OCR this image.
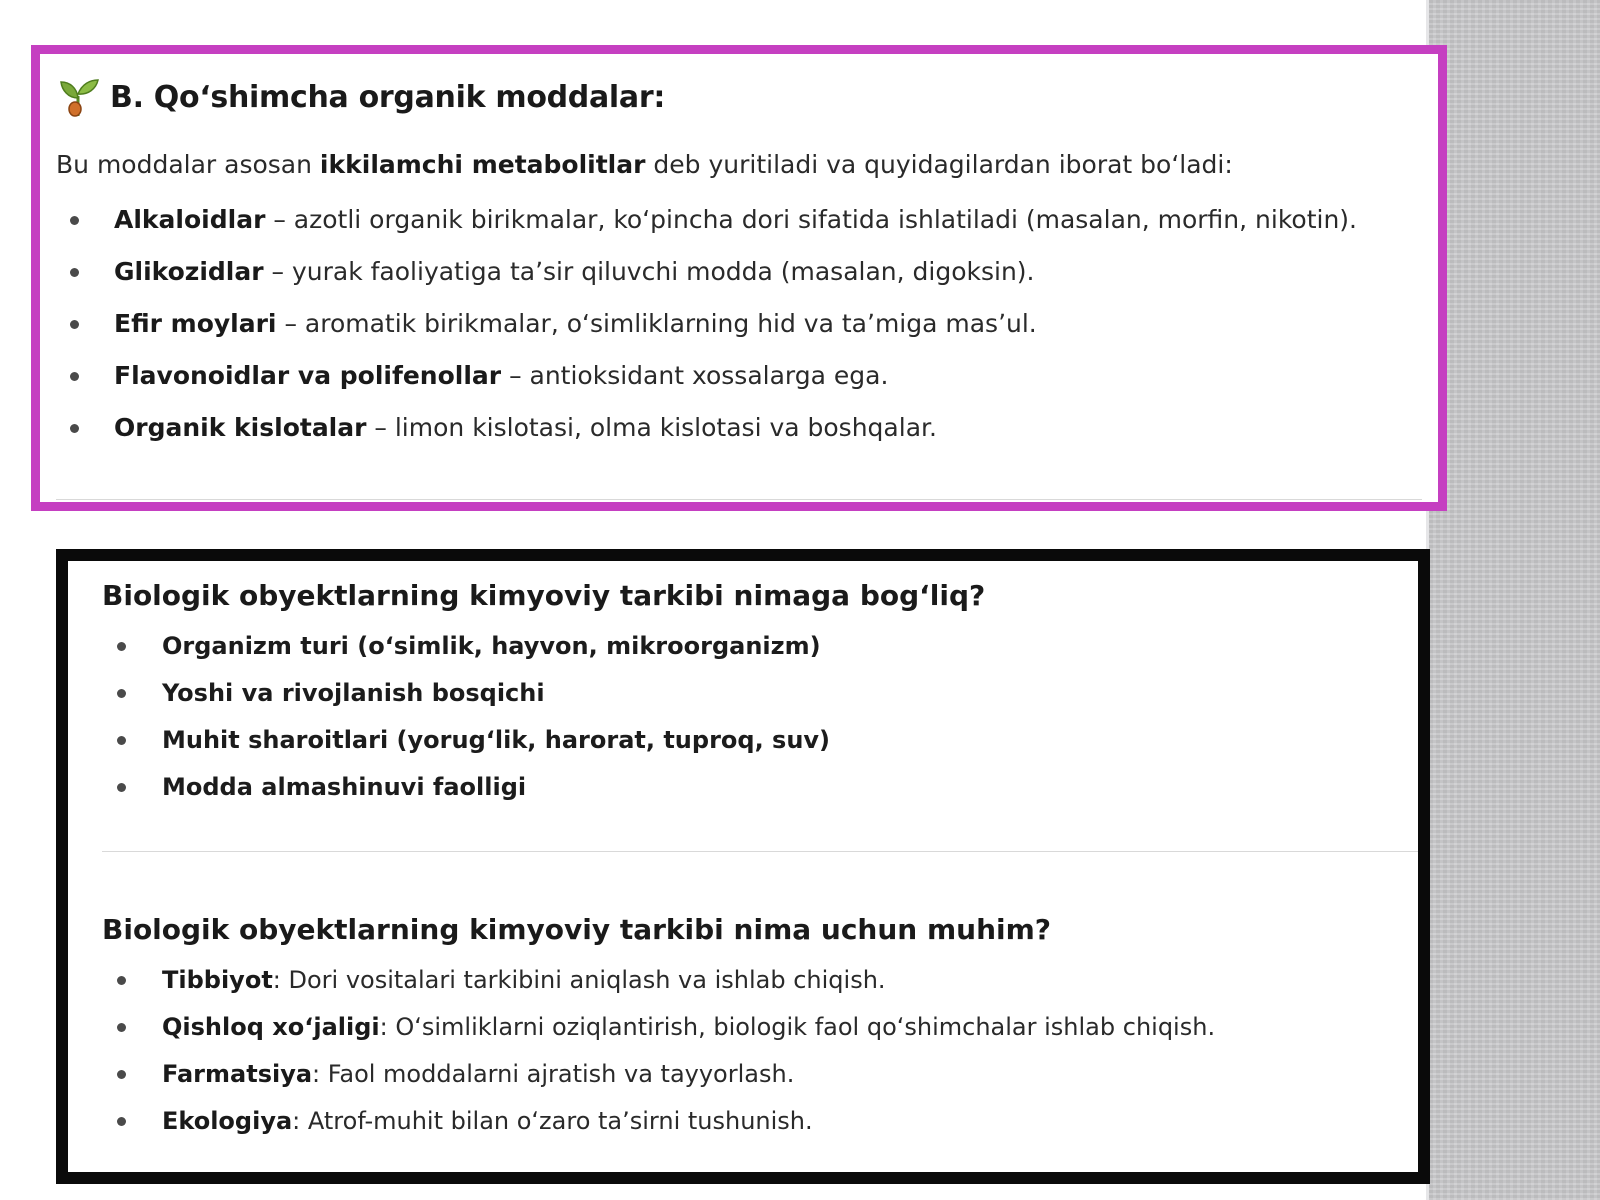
B. Qoʻshimcha organik moddalar:

Bu moddalar asosan ikkilamchi metabolitlar deb yuritiladi va quyidagilardan iborat boʻladi:

Alkaloidlar – azotli organik birikmalar, koʻpincha dori sifatida ishlatiladi (masalan, morfin, nikotin).
Glikozidlar – yurak faoliyatiga taʼsir qiluvchi modda (masalan, digoksin).
Efir moylari – aromatik birikmalar, oʻsimliklarning hid va taʼmiga masʼul.
Flavonoidlar va polifenollar – antioksidant xossalarga ega.
Organik kislotalar – limon kislotasi, olma kislotasi va boshqalar.
Biologik obyektlarning kimyoviy tarkibi nimaga bogʻliq?
Organizm turi (oʻsimlik, hayvon, mikroorganizm)
Yoshi va rivojlanish bosqichi
Muhit sharoitlari (yorugʻlik, harorat, tuproq, suv)
Modda almashinuvi faolligi
Biologik obyektlarning kimyoviy tarkibi nima uchun muhim?
Tibbiyot: Dori vositalari tarkibini aniqlash va ishlab chiqish.
Qishloq xoʻjaligi: Oʻsimliklarni oziqlantirish, biologik faol qoʻshimchalar ishlab chiqish.
Farmatsiya: Faol moddalarni ajratish va tayyorlash.
Ekologiya: Atrof-muhit bilan oʻzaro taʼsirni tushunish.
